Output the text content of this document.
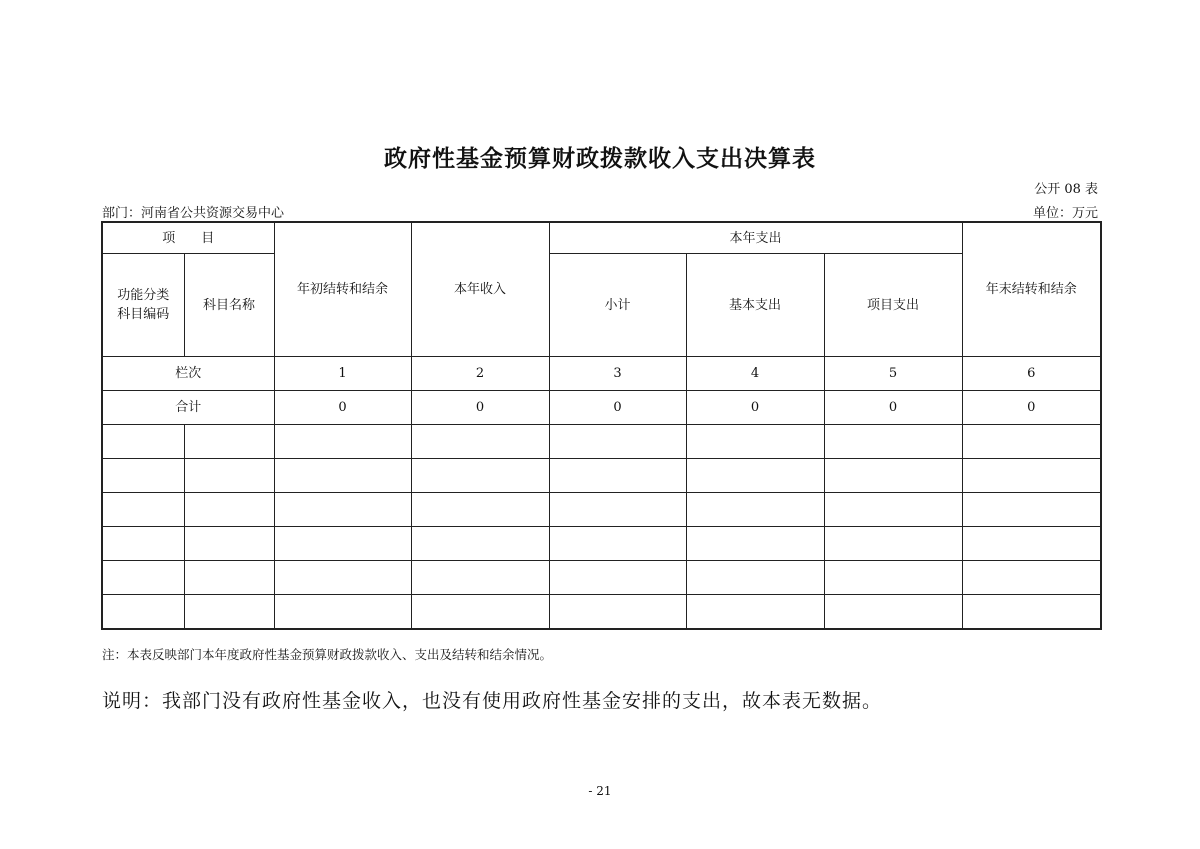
政府性基金预算财政拨款收入支出决算表
公开 08 表
部门：河南省公共资源交易中心	单位：万元
项　　目		年初结转和结余	本年收入	本年支出			年末结转和结余
功能分类
科目编码	科目名称			小计	基本支出	项目支出	
栏次		1	2	3	4	5	6
合计		0	0	0	0	0	0

注：本表反映部门本年度政府性基金预算财政拨款收入、支出及结转和结余情况。
说明：我部门没有政府性基金收入，也没有使用政府性基金安排的支出，故本表无数据。
- 21
